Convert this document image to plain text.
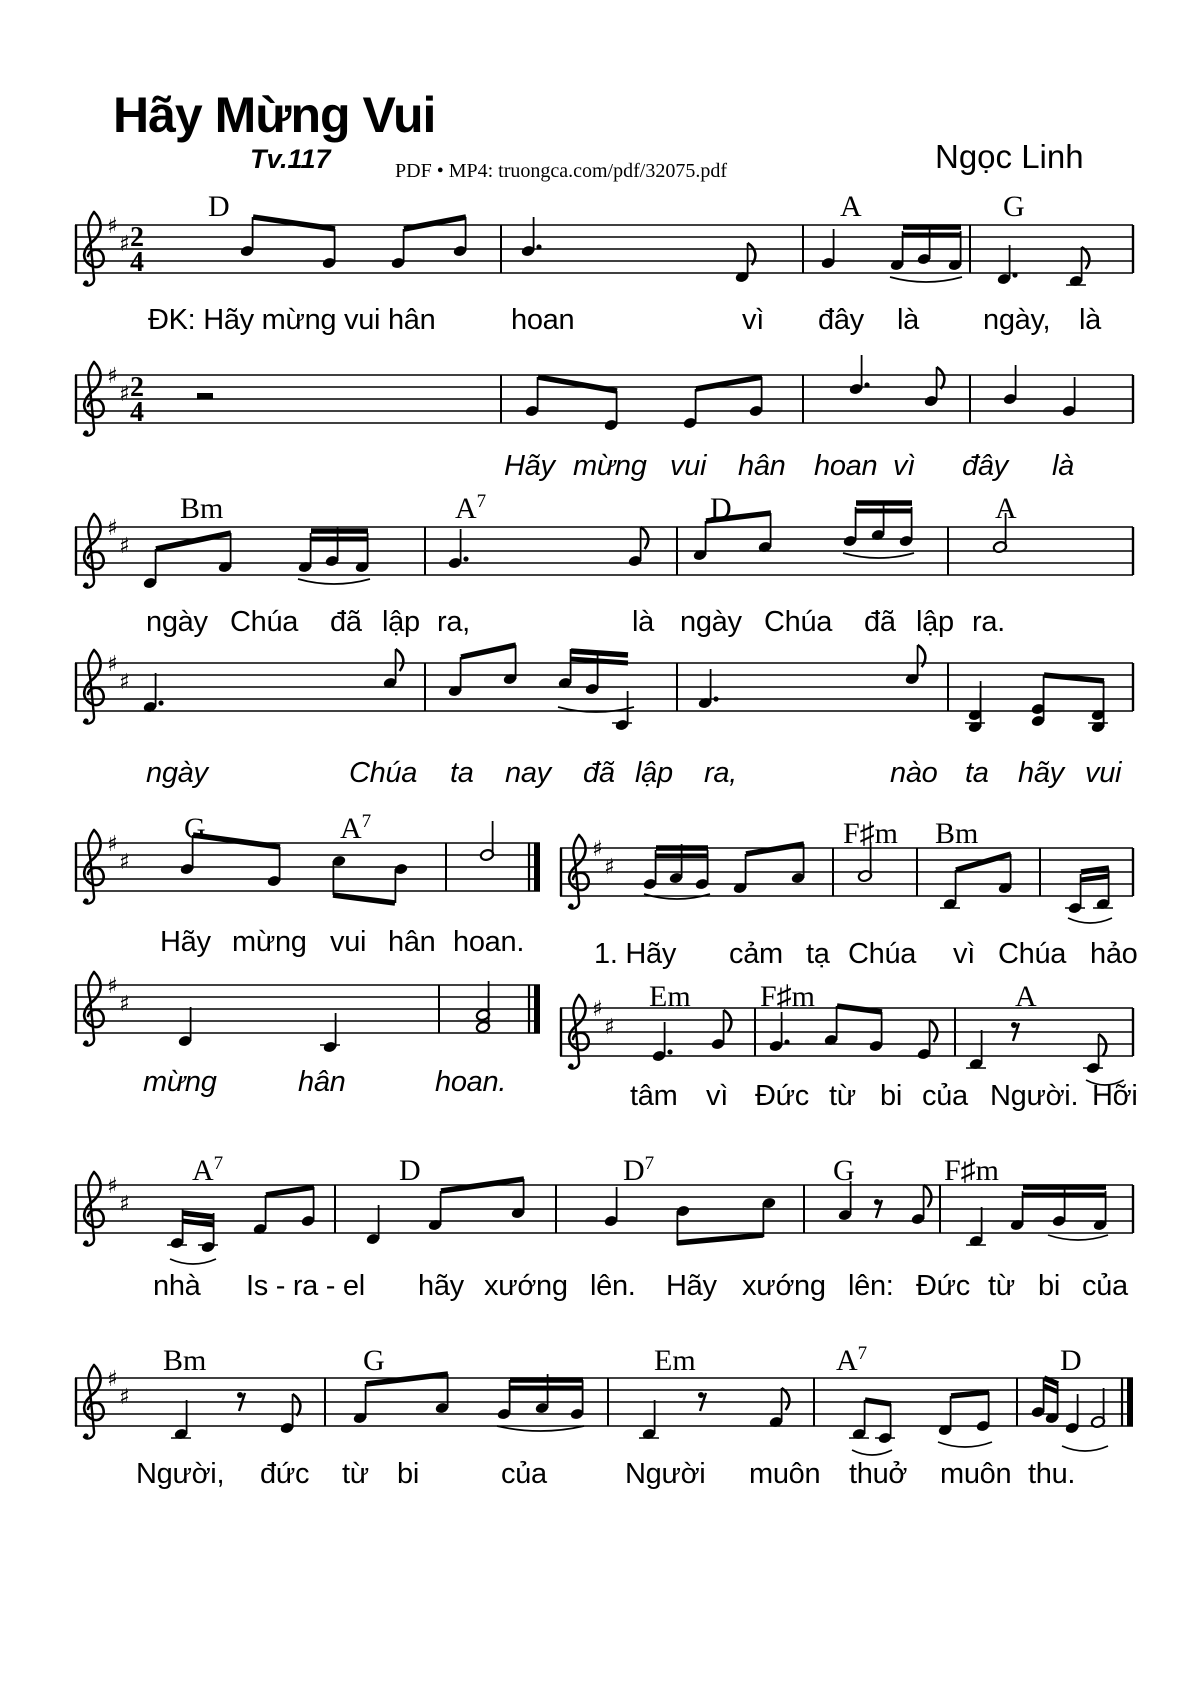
Hãy Mừng Vui
Tv.117	PDF • MP4: truongca.com/pdf/32075.pdf	Ngọc Linh
♯
♯ 2
4
♯
♯ 2
4
♯
♯
♯
♯
♯
♯
♯
♯
♯
♯	♯
♯
♯
♯
♯
♯
D	A	G
Bm	$A^7$	D	A
G	$A^7$	F♯m Bm
Em F♯m	A
$A^7$	D	$D^7$	G	F♯m
Bm	G	Em	$A^7$	D
ĐK: Hãy mừng vui hân	hoan	vì đây là ngày, là
Hãy mừng vui hân hoan vì đây là
ngày Chúa đã lập ra,	là ngày Chúa đã lập ra.
ngày	Chúa ta nay đã lập ra,	nào ta hãy vui
Hãy mừng vui hân hoan. 1. Hãy cảm tạ Chúa vì Chúa hảo
mừng	hân	hoan.	tâm vì Đức từ bi của Người. Hỡi
nhà Is - ra - el hãy xướng lên. Hãy xướng lên: Đức từ bi của
Người, đức từ bi	của	Người muôn thuở muôn thu.
